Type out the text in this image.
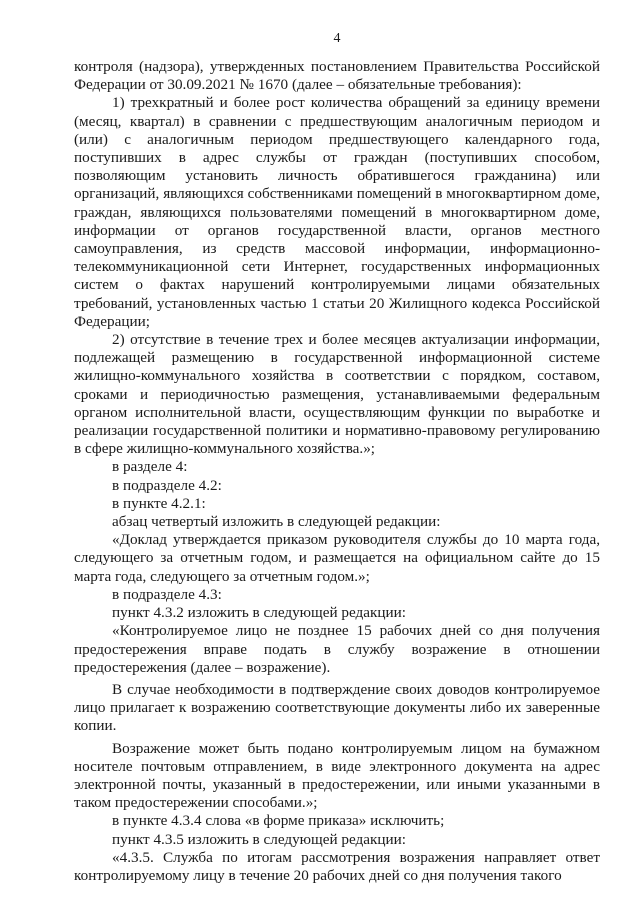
4

контроля (надзора), утвержденных постановлением Правительства Российской Федерации от 30.09.2021 № 1670 (далее – обязательные требования):

1) трехкратный и более рост количества обращений за единицу времени (месяц, квартал) в сравнении с предшествующим аналогичным периодом и (или) с аналогичным периодом предшествующего календарного года, поступивших в адрес службы от граждан (поступивших способом, позволяющим установить личность обратившегося гражданина) или организаций, являющихся собственниками помещений в многоквартирном доме, граждан, являющихся пользователями помещений в многоквартирном доме, информации от органов государственной власти, органов местного самоуправления, из средств массовой информации, информационно-телекоммуникационной сети Интернет, государственных информационных систем о фактах нарушений контролируемыми лицами обязательных требований, установленных частью 1 статьи 20 Жилищного кодекса Российской Федерации;

2) отсутствие в течение трех и более месяцев актуализации информации, подлежащей размещению в государственной информационной системе жилищно-коммунального хозяйства в соответствии с порядком, составом, сроками и периодичностью размещения, устанавливаемыми федеральным органом исполнительной власти, осуществляющим функции по выработке и реализации государственной политики и нормативно-правовому регулированию в сфере жилищно-коммунального хозяйства.»;

в разделе 4:

в подразделе 4.2:

в пункте 4.2.1:

абзац четвертый изложить в следующей редакции:

«Доклад утверждается приказом руководителя службы до 10 марта года, следующего за отчетным годом, и размещается на официальном сайте до 15 марта года, следующего за отчетным годом.»;

в подразделе 4.3:

пункт 4.3.2 изложить в следующей редакции:

«Контролируемое лицо не позднее 15 рабочих дней со дня получения предостережения вправе подать в службу возражение в отношении предостережения (далее – возражение).

В случае необходимости в подтверждение своих доводов контролируемое лицо прилагает к возражению соответствующие документы либо их заверенные копии.

Возражение может быть подано контролируемым лицом на бумажном носителе почтовым отправлением, в виде электронного документа на адрес электронной почты, указанный в предостережении, или иными указанными в таком предостережении способами.»;

в пункте 4.3.4 слова «в форме приказа» исключить;

пункт 4.3.5 изложить в следующей редакции:

«4.3.5. Служба по итогам рассмотрения возражения направляет ответ контролируемому лицу в течение 20 рабочих дней со дня получения такого
